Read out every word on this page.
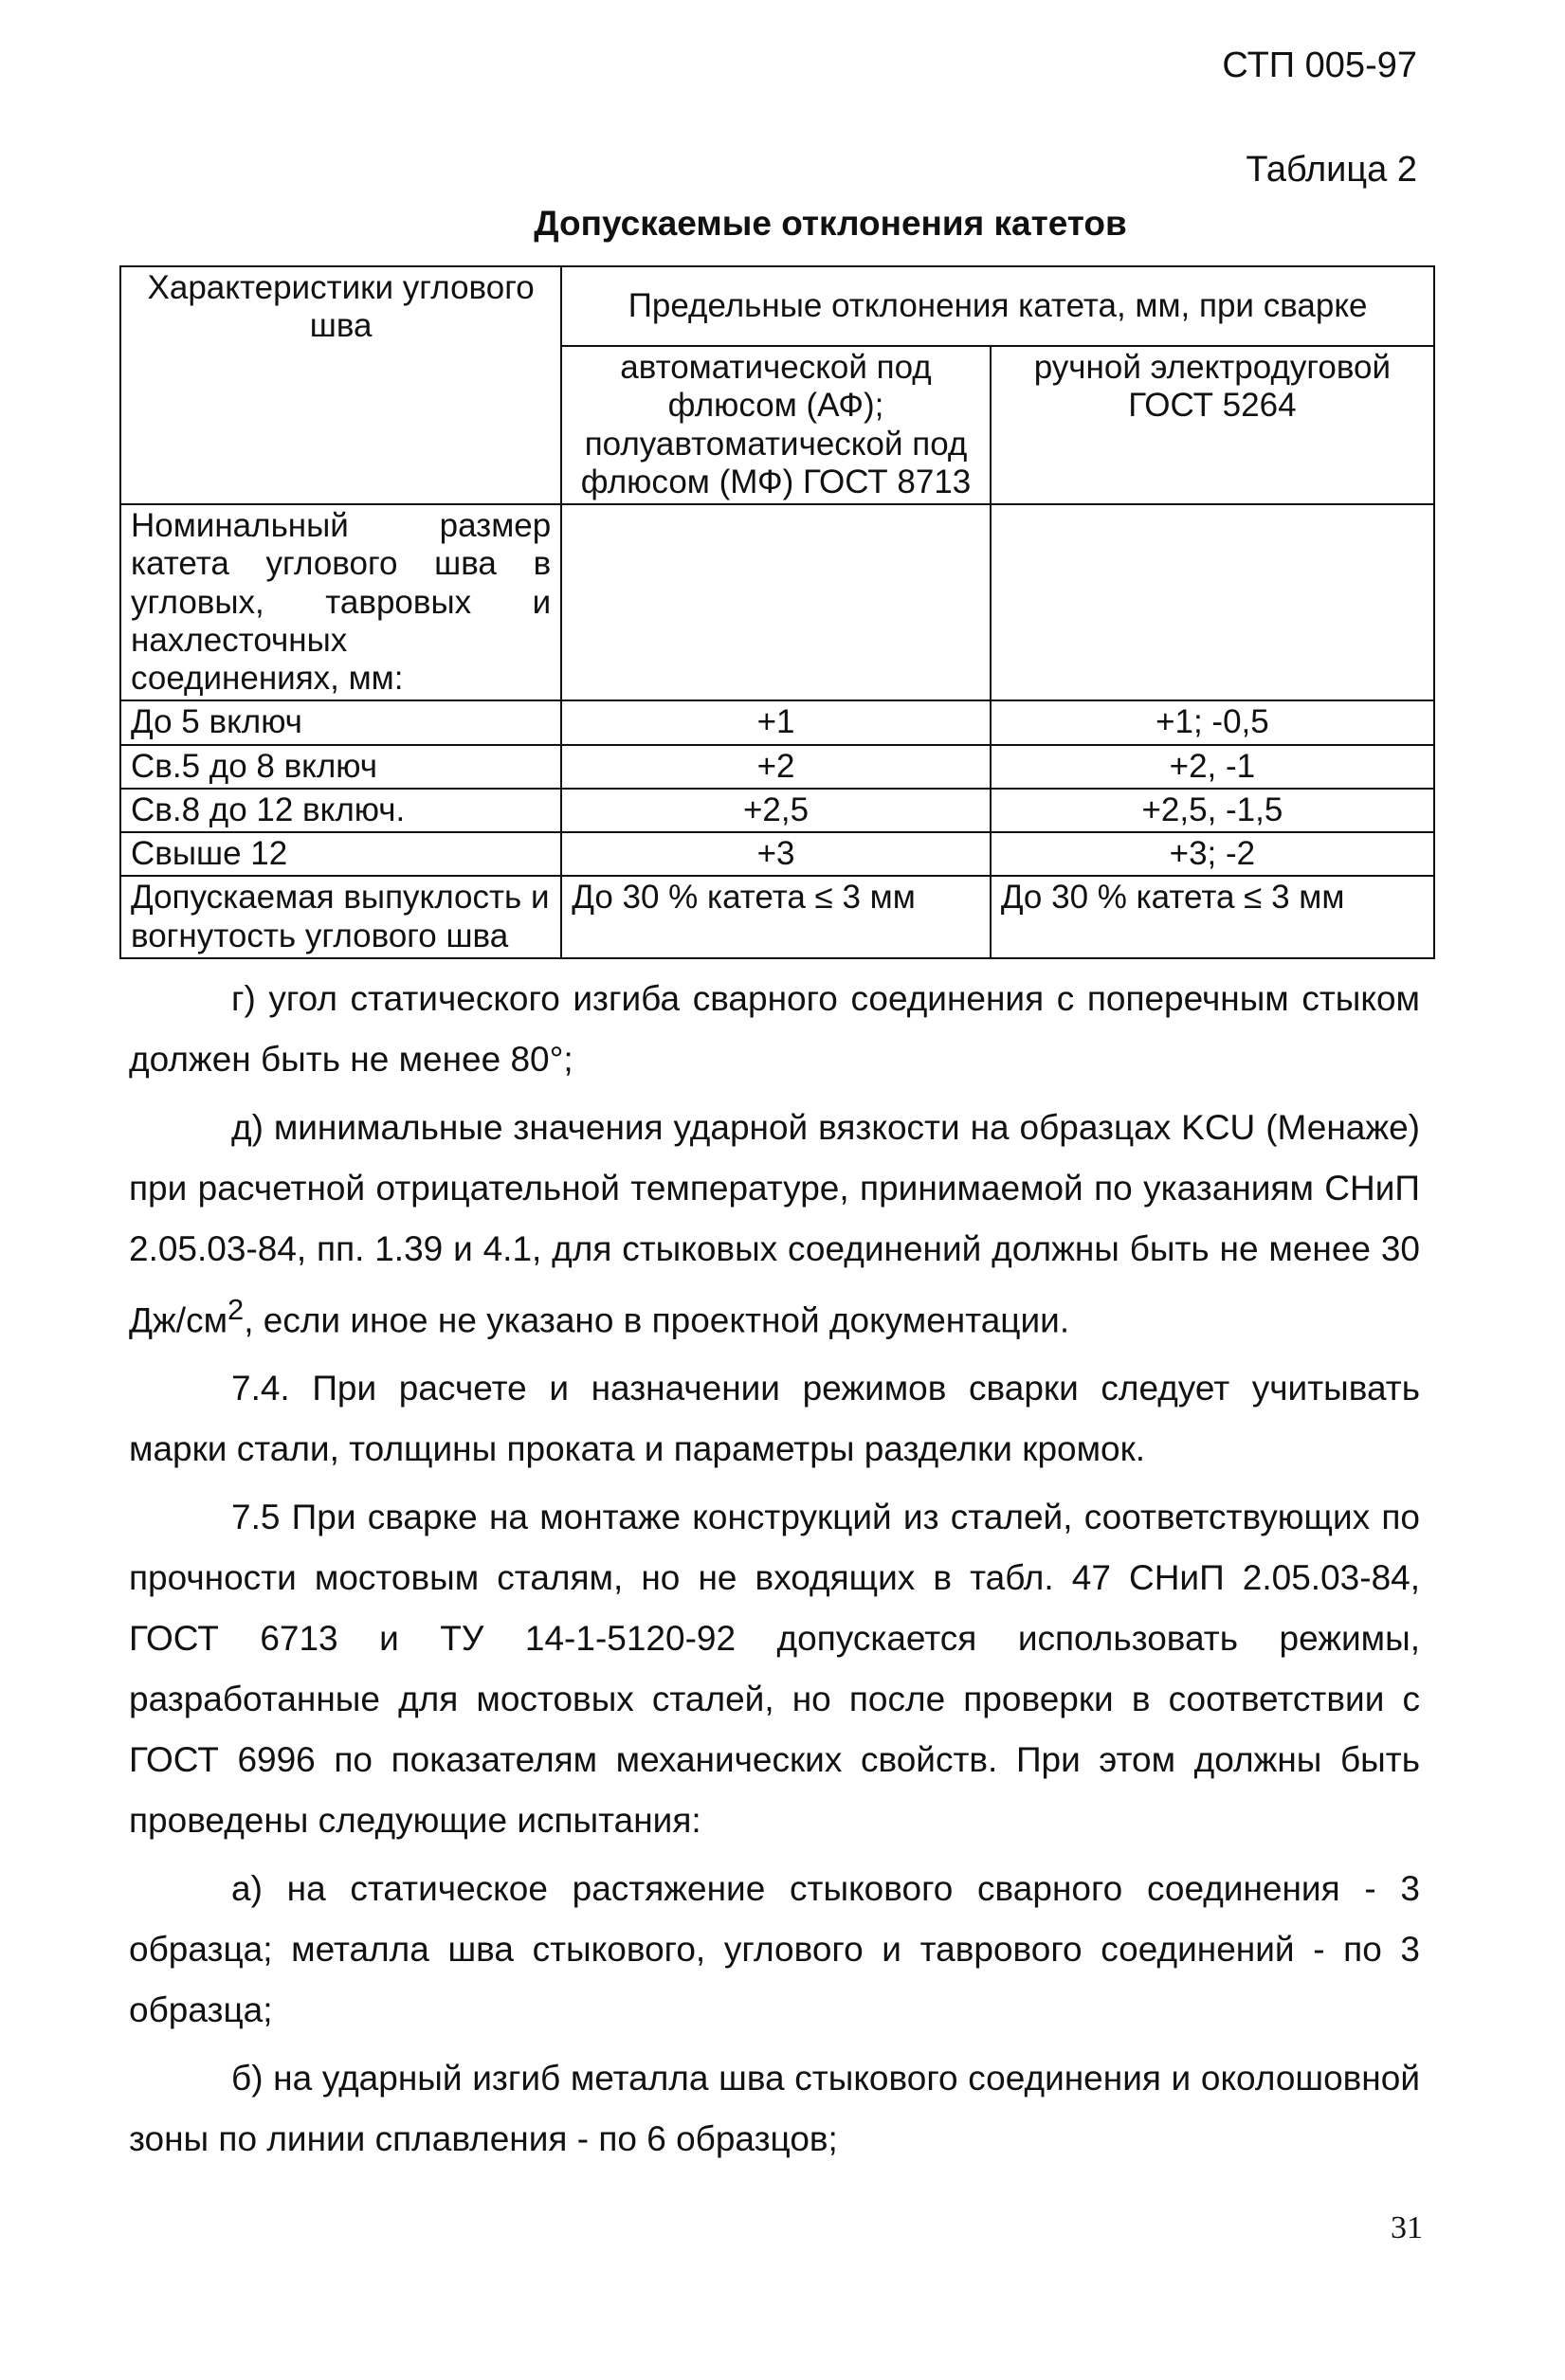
СТП 005-97
Таблица 2
Допускаемые отклонения катетов
Характеристики углового шва	Предельные отклонения катета, мм, при сварке	
	автоматической под флюсом (АФ); полуавтоматической под флюсом (МФ) ГОСТ 8713	ручной электродуговой ГОСТ 5264
Номинальный размер катета углового шва в угловых, тавровых и нахлесточных соединениях, мм:		
До 5 включ	+1	+1; -0,5
Св.5 до 8 включ	+2	+2, -1
Св.8 до 12 включ.	+2,5	+2,5, -1,5
Свыше 12	+3	+3; -2
Допускаемая выпуклость и вогнутость углового шва	До 30 % катета ≤ 3 мм	До 30 % катета ≤ 3 мм

г) угол статического изгиба сварного соединения с поперечным стыком должен быть не менее 80°;

д) минимальные значения ударной вязкости на образцах KCU (Менаже) при расчетной отрицательной температуре, принимаемой по указаниям СНиП 2.05.03-84, пп. 1.39 и 4.1, для стыковых соединений должны быть не менее 30 $Дж/см^2$, если иное не указано в проектной документации.

7.4. При расчете и назначении режимов сварки следует учитывать марки стали, толщины проката и параметры разделки кромок.

7.5 При сварке на монтаже конструкций из сталей, соответствующих по прочности мостовым сталям, но не входящих в табл. 47 СНиП 2.05.03-84, ГОСТ 6713 и ТУ 14-1-5120-92 допускается использовать режимы, разработанные для мостовых сталей, но после проверки в соответствии с ГОСТ 6996 по показателям механических свойств. При этом должны быть проведены следующие испытания:

а) на статическое растяжение стыкового сварного соединения - 3 образца; металла шва стыкового, углового и таврового соединений - по 3 образца;

б) на ударный изгиб металла шва стыкового соединения и околошовной зоны по линии сплавления - по 6 образцов;

31
